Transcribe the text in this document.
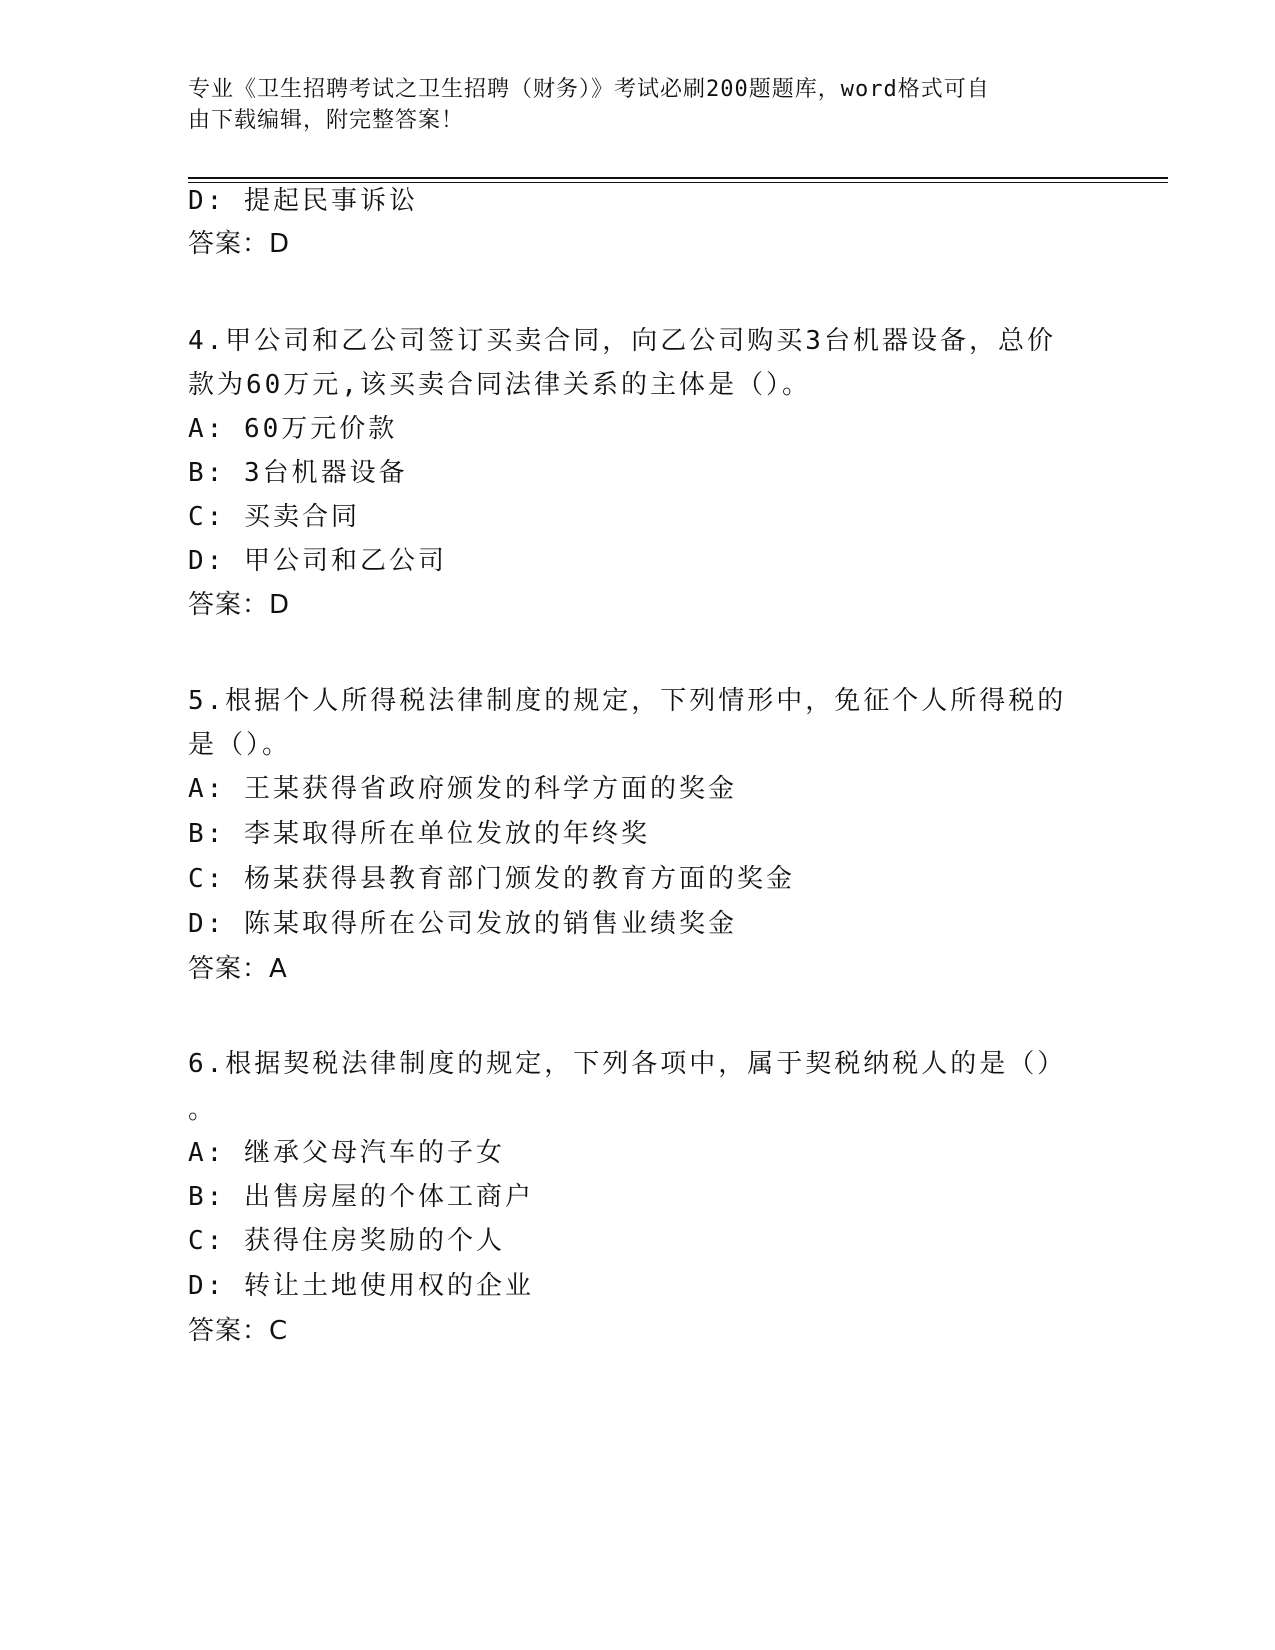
专业《卫生招聘考试之卫生招聘（财务）》考试必刷200题题库，word格式可自
由下载编辑，附完整答案！
D: 提起民事诉讼
答案：D
4.甲公司和乙公司签订买卖合同，向乙公司购买3台机器设备，总价
款为60万元,该买卖合同法律关系的主体是（）。
A: 60万元价款
B: 3台机器设备
C: 买卖合同
D: 甲公司和乙公司
答案：D
5.根据个人所得税法律制度的规定，下列情形中，免征个人所得税的
是（）。
A: 王某获得省政府颁发的科学方面的奖金
B: 李某取得所在单位发放的年终奖
C: 杨某获得县教育部门颁发的教育方面的奖金
D: 陈某取得所在公司发放的销售业绩奖金
答案：A
6.根据契税法律制度的规定，下列各项中，属于契税纳税人的是（）
。
A: 继承父母汽车的子女
B: 出售房屋的个体工商户
C: 获得住房奖励的个人
D: 转让土地使用权的企业
答案：C
